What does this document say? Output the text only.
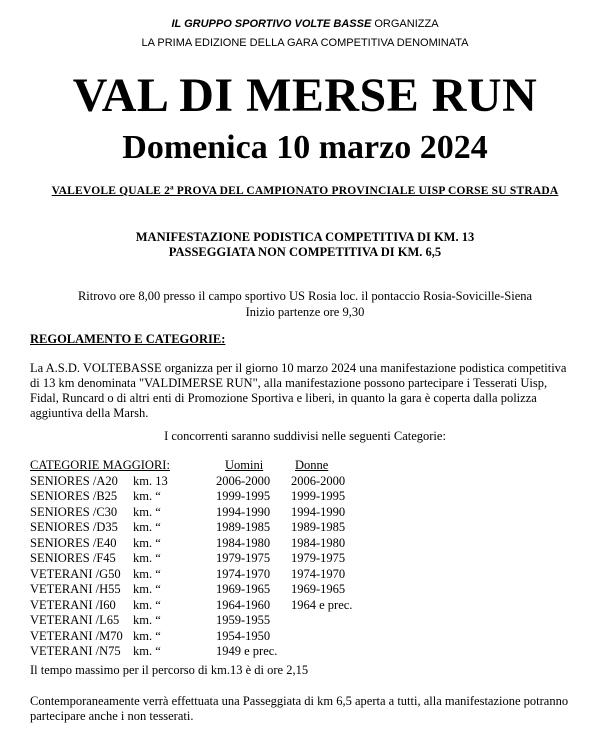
IL GRUPPO SPORTIVO VOLTE BASSE ORGANIZZA
LA PRIMA EDIZIONE DELLA GARA COMPETITIVA DENOMINATA
VAL DI MERSE RUN
Domenica 10 marzo 2024
VALEVOLE QUALE 2ª PROVA DEL CAMPIONATO PROVINCIALE UISP CORSE SU STRADA
MANIFESTAZIONE PODISTICA COMPETITIVA DI KM. 13
PASSEGGIATA NON COMPETITIVA DI KM. 6,5
Ritrovo ore 8,00 presso il campo sportivo US Rosia loc. il pontaccio Rosia-Sovicille-Siena
Inizio partenze ore 9,30
REGOLAMENTO E CATEGORIE:
La A.S.D. VOLTEBASSE organizza per il giorno 10 marzo 2024 una manifestazione podistica competitiva
di 13 km denominata "VALDIMERSE RUN", alla manifestazione possono partecipare i Tesserati Uisp,
Fidal, Runcard o di altri enti di Promozione Sportiva e liberi, in quanto la gara è coperta dalla polizza
aggiuntiva della Marsh.
I concorrenti saranno suddivisi nelle seguenti Categorie:
CATEGORIE MAGGIORI:	Uomini	Donne
SENIORES /A20 km. 13	2006-2000 2006-2000
SENIORES /B25 km. “	1999-1995 1999-1995
SENIORES /C30 km. “	1994-1990 1994-1990
SENIORES /D35 km. “	1989-1985 1989-1985
SENIORES /E40 km. “	1984-1980 1984-1980
SENIORES /F45 km. “	1979-1975 1979-1975
VETERANI /G50 km. “	1974-1970 1974-1970
VETERANI /H55 km. “	1969-1965 1969-1965
VETERANI /I60 km. “	1964-1960 1964 e prec.
VETERANI /L65 km. “	1959-1955
VETERANI /M70 km. “	1954-1950
VETERANI /N75 km. “	1949 e prec.
Il tempo massimo per il percorso di km.13 è di ore 2,15
Contemporaneamente verrà effettuata una Passeggiata di km 6,5 aperta a tutti, alla manifestazione potranno
partecipare anche i non tesserati.
